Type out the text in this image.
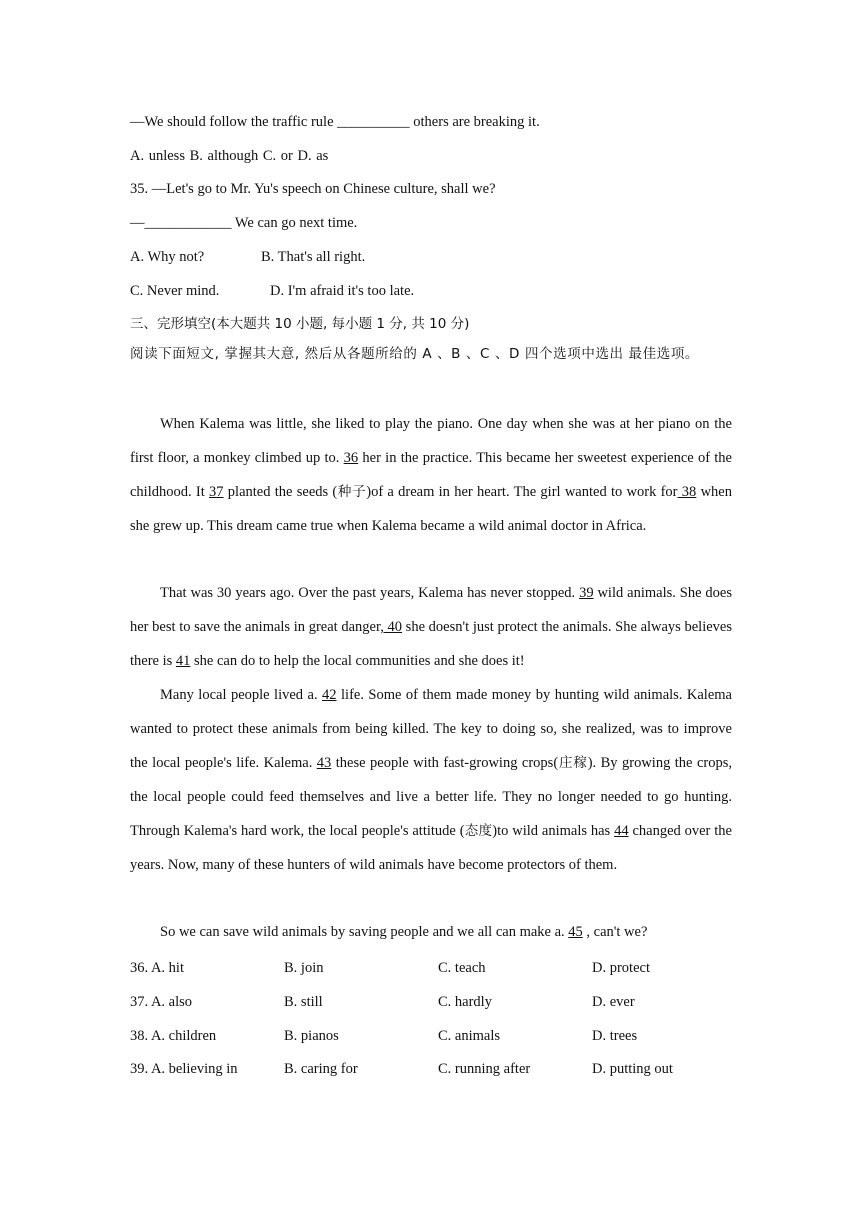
—We should follow the traffic rule __________ others are breaking it.
A. unless B. although C. or D. as
35. —Let's go to Mr. Yu's speech on Chinese culture, shall we?
—____________ We can go next time.
A. Why not?	B. That's all right.
C. Never mind.	D. I'm afraid it's too late.
三、完形填空(本大题共 10 小题, 每小题 1 分, 共 10 分)
阅读下面短文, 掌握其大意, 然后从各题所给的 A 、B 、C 、D 四个选项中选出 最佳选项。
When Kalema was little, she liked to play the piano. One day when she was at her piano on the first floor, a monkey climbed up to. 36 her in the practice. This became her sweetest experience of the childhood. It 37 planted the seeds (种子)of a dream in her heart. The girl wanted to work for 38 when she grew up. This dream came true when Kalema became a wild animal doctor in Africa.
That was 30 years ago. Over the past years, Kalema has never stopped. 39 wild animals. She does her best to save the animals in great danger, 40 she doesn't just protect the animals. She always believes there is 41 she can do to help the local communities and she does it!
Many local people lived a. 42 life. Some of them made money by hunting wild animals. Kalema wanted to protect these animals from being killed. The key to doing so, she realized, was to improve the local people's life. Kalema. 43 these people with fast-growing crops(庄稼). By growing the crops, the local people could feed themselves and live a better life. They no longer needed to go hunting. Through Kalema's hard work, the local people's attitude (态度)to wild animals has 44 changed over the years. Now, many of these hunters of wild animals have become protectors of them.
So we can save wild animals by saving people and we all can make a. 45 , can't we?
36. A. hit	B. join	C. teach	D. protect
37. A. also	B. still	C. hardly	D. ever
38. A. children	B. pianos	C. animals	D. trees
39. A. believing in	B. caring for	C. running after	D. putting out
